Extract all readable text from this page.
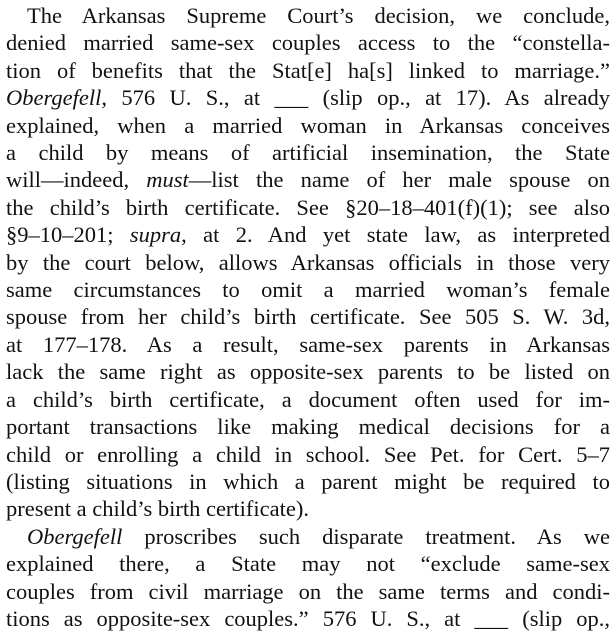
The Arkansas Supreme Court’s decision, we conclude,
denied married same-sex couples access to the “constella-
tion of benefits that the Stat[e] ha[s] linked to marriage.”
Obergefell, 576 U. S., at ___ (slip op., at 17). As already
explained, when a married woman in Arkansas conceives
a child by means of artificial insemination, the State
will—indeed, must—list the name of her male spouse on
the child’s birth certificate. See §20–18–401(f)(1); see also
§9–10–201; supra, at 2. And yet state law, as interpreted
by the court below, allows Arkansas officials in those very
same circumstances to omit a married woman’s female
spouse from her child’s birth certificate. See 505 S. W. 3d,
at 177–178. As a result, same-sex parents in Arkansas
lack the same right as opposite-sex parents to be listed on
a child’s birth certificate, a document often used for im-
portant transactions like making medical decisions for a
child or enrolling a child in school. See Pet. for Cert. 5–7
(listing situations in which a parent might be required to
present a child’s birth certificate).
Obergefell proscribes such disparate treatment. As we
explained there, a State may not “exclude same-sex
couples from civil marriage on the same terms and condi-
tions as opposite-sex couples.” 576 U. S., at ___ (slip op.,
